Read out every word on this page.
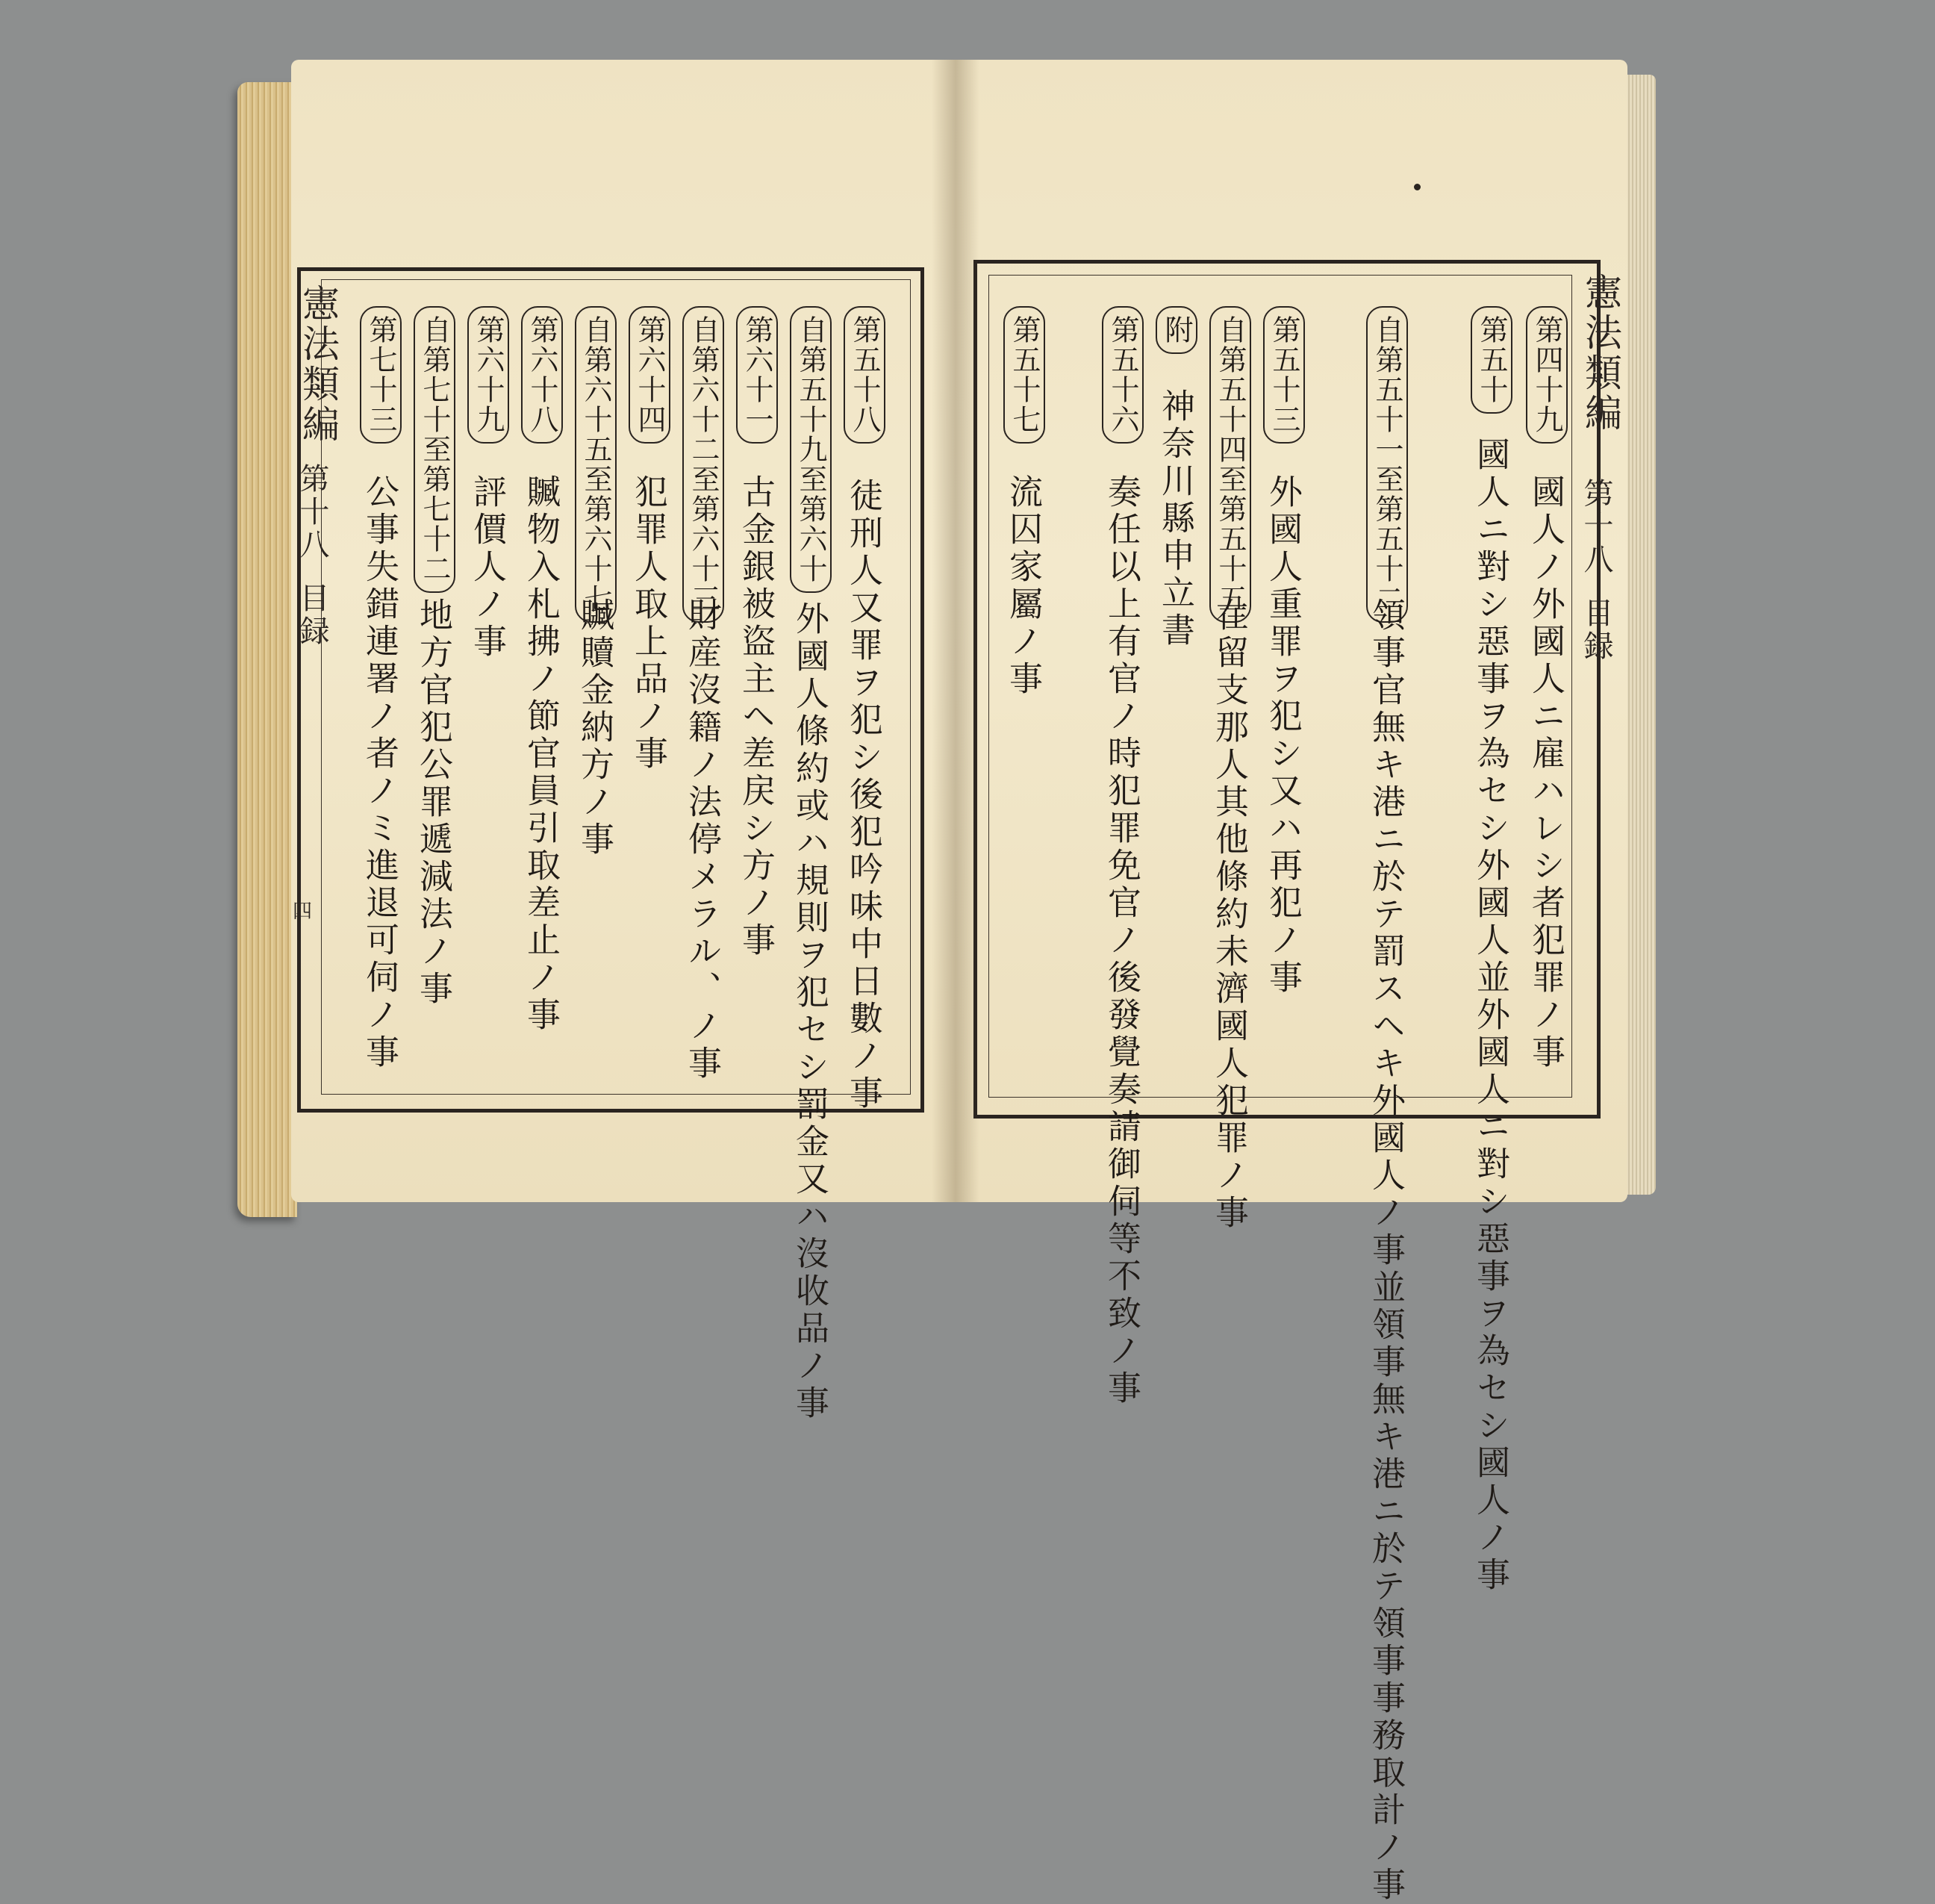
憲法類編
第十八
目録
四
第五十八
徒刑人又罪ヲ犯シ後犯吟味中日數ノ事
自第五十九至第六十
外國人條約或ハ規則ヲ犯セシ罰金又ハ沒收品ノ事
第六十一
古金銀被盜主ヘ差戻シ方ノ事
自第六十二至第六十三
財産沒籍ノ法停メラル、ノ事
第六十四
犯罪人取上品ノ事
自第六十五至第六十七
贓贖金納方ノ事
第六十八
贓物入札拂ノ節官員引取差止ノ事
第六十九
評價人ノ事
自第七十至第七十二
地方官犯公罪遞減法ノ事
第七十三
公事失錯連署ノ者ノミ進退可伺ノ事
憲法類編
第十八
目録
第四十九
國人ノ外國人ニ雇ハレシ者犯罪ノ事
第五十
國人ニ對シ惡事ヲ為セシ外國人並外國人ニ對シ惡事ヲ為セシ國人ノ事
自第五十一至第五十二
領事官無キ港ニ於テ罰スヘキ外國人ノ事並領事無キ港ニ於テ領事事務取計ノ事
第五十三
外國人重罪ヲ犯シ又ハ再犯ノ事
自第五十四至第五十五
在留支那人其他條約未濟國人犯罪ノ事
附
神奈川縣申立書
第五十六
奏任以上有官ノ時犯罪免官ノ後發覺奏請御伺等不致ノ事
第五十七
流囚家屬ノ事
